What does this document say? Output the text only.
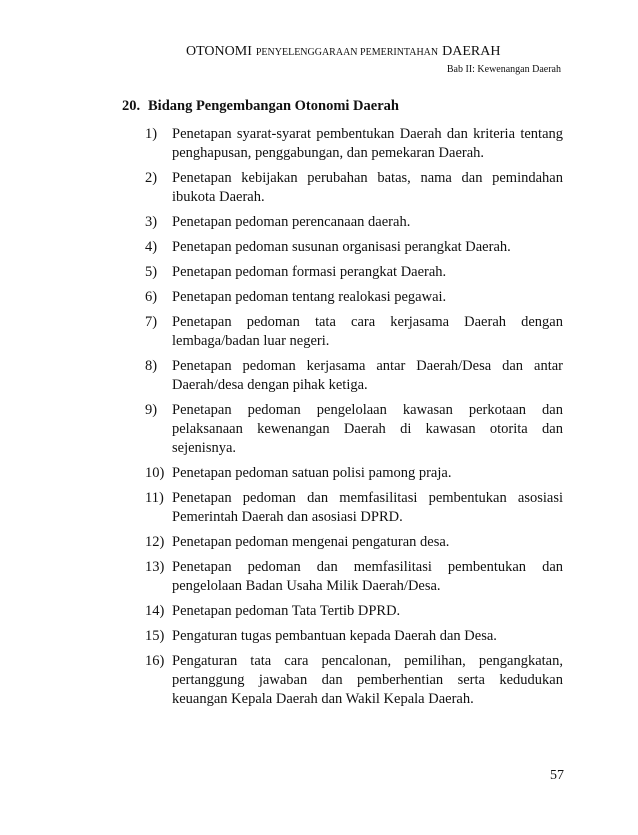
OTONOMI PENYELENGGARAAN PEMERINTAHAN DAERAH
Bab II: Kewenangan Daerah
20. Bidang Pengembangan Otonomi Daerah
1)	Penetapan syarat-syarat pembentukan Daerah dan kriteria tentang penghapusan, penggabungan, dan pemekaran Daerah.
2)	Penetapan kebijakan perubahan batas, nama dan pemindahan ibukota Daerah.
3)	Penetapan pedoman perencanaan daerah.
4)	Penetapan pedoman susunan organisasi perangkat Daerah.
5)	Penetapan pedoman formasi perangkat Daerah.
6)	Penetapan pedoman tentang realokasi pegawai.
7)	Penetapan pedoman tata cara kerjasama Daerah dengan lembaga/badan luar negeri.
8)	Penetapan pedoman kerjasama antar Daerah/Desa dan antar Daerah/desa dengan pihak ketiga.
9)	Penetapan pedoman pengelolaan kawasan perkotaan dan pelaksanaan kewenangan Daerah di kawasan otorita dan sejenisnya.
10) Penetapan pedoman satuan polisi pamong praja.
11) Penetapan pedoman dan memfasilitasi pembentukan asosiasi Pemerintah Daerah dan asosiasi DPRD.
12) Penetapan pedoman mengenai pengaturan desa.
13) Penetapan pedoman dan memfasilitasi pembentukan dan pengelolaan Badan Usaha Milik Daerah/Desa.
14) Penetapan pedoman Tata Tertib DPRD.
15) Pengaturan tugas pembantuan kepada Daerah dan Desa.
16) Pengaturan tata cara pencalonan, pemilihan, pengangkatan, pertanggung jawaban dan pemberhentian serta kedudukan keuangan Kepala Daerah dan Wakil Kepala Daerah.
57
